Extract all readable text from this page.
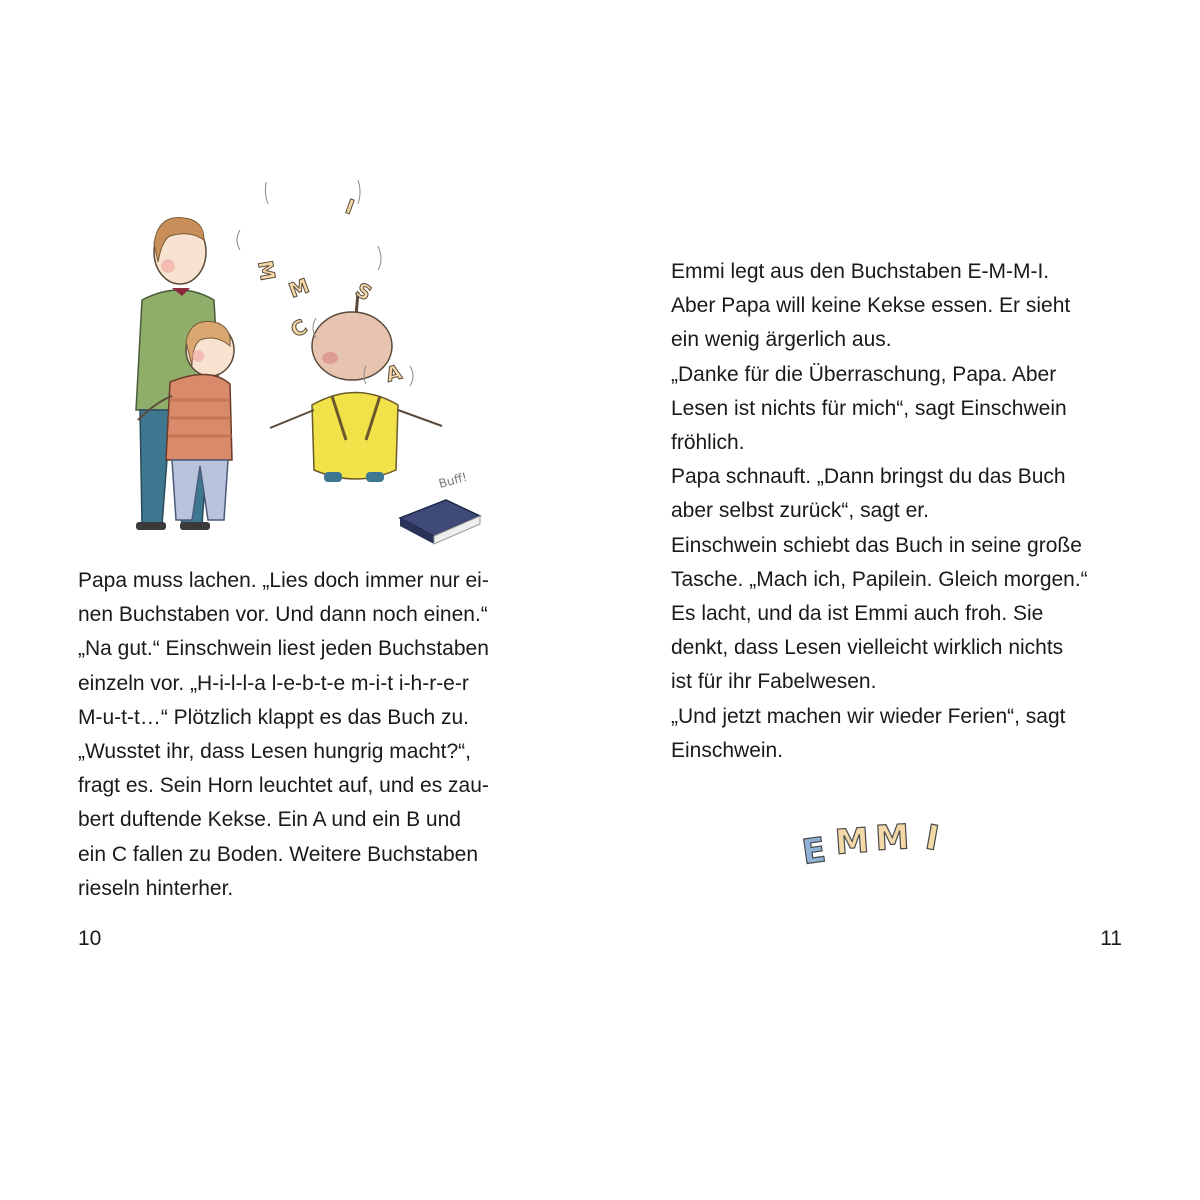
M
M S
C
A
I
Buff!
Papa muss lachen. „Lies doch immer nur ei-
nen Buchstaben vor. Und dann noch einen.“
„Na gut.“ Einschwein liest jeden Buchstaben
einzeln vor. „H-i-l-l-a l-e-b-t-e m-i-t i-h-r-e-r
M-u-t-t…“ Plötzlich klappt es das Buch zu.
„Wusstet ihr, dass Lesen hungrig macht?“,
fragt es. Sein Horn leuchtet auf, und es zau-
bert duftende Kekse. Ein A und ein B und
ein C fallen zu Boden. Weitere Buchstaben
rieseln hinterher.
10
Emmi legt aus den Buchstaben E-M-M-I.
Aber Papa will keine Kekse essen. Er sieht
ein wenig ärgerlich aus.
„Danke für die Überraschung, Papa. Aber
Lesen ist nichts für mich“, sagt Einschwein
fröhlich.
Papa schnauft. „Dann bringst du das Buch
aber selbst zurück“, sagt er.
Einschwein schiebt das Buch in seine große
Tasche. „Mach ich, Papilein. Gleich morgen.“
Es lacht, und da ist Emmi auch froh. Sie
denkt, dass Lesen vielleicht wirklich nichts
ist für ihr Fabelwesen.
„Und jetzt machen wir wieder Ferien“, sagt
Einschwein.
E M M I
11
